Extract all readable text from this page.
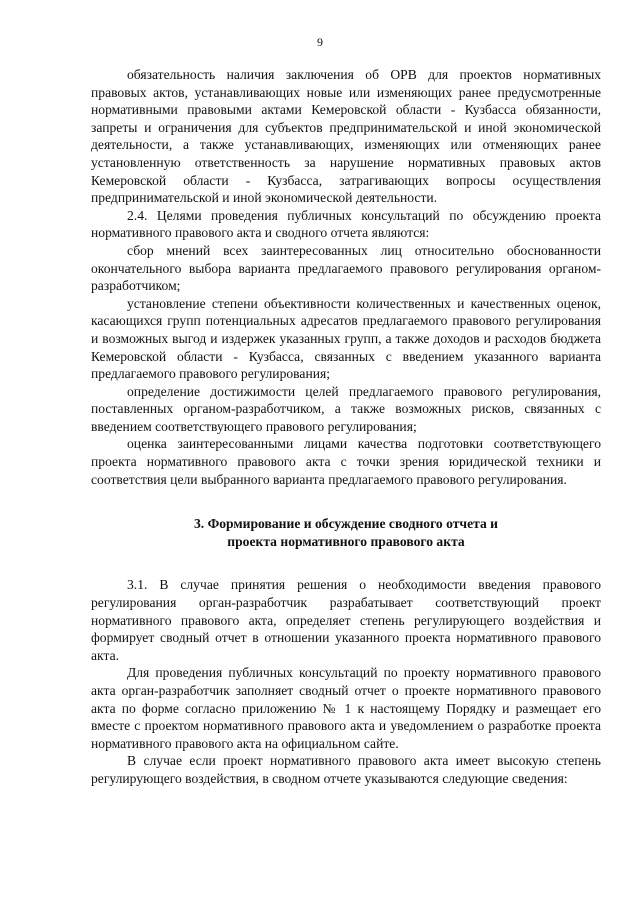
9

обязательность наличия заключения об ОРВ для проектов нормативных правовых актов, устанавливающих новые или изменяющих ранее предусмотренные нормативными правовыми актами Кемеровской области - Кузбасса обязанности, запреты и ограничения для субъектов предпринимательской и иной экономической деятельности, а также устанавливающих, изменяющих или отменяющих ранее установленную ответственность за нарушение нормативных правовых актов Кемеровской области - Кузбасса, затрагивающих вопросы осуществления предпринимательской и иной экономической деятельности.

2.4. Целями проведения публичных консультаций по обсуждению проекта нормативного правового акта и сводного отчета являются:

сбор мнений всех заинтересованных лиц относительно обоснованности окончательного выбора варианта предлагаемого правового регулирования органом-разработчиком;

установление степени объективности количественных и качественных оценок, касающихся групп потенциальных адресатов предлагаемого правового регулирования и возможных выгод и издержек указанных групп, а также доходов и расходов бюджета Кемеровской области - Кузбасса, связанных с введением указанного варианта предлагаемого правового регулирования;

определение достижимости целей предлагаемого правового регулирования, поставленных органом-разработчиком, а также возможных рисков, связанных с введением соответствующего правового регулирования;

оценка заинтересованными лицами качества подготовки соответствующего проекта нормативного правового акта с точки зрения юридической техники и соответствия цели выбранного варианта предлагаемого правового регулирования.

3. Формирование и обсуждение сводного отчета и
проекта нормативного правового акта

3.1. В случае принятия решения о необходимости введения правового регулирования орган-разработчик разрабатывает соответствующий проект нормативного правового акта, определяет степень регулирующего воздействия и формирует сводный отчет в отношении указанного проекта нормативного правового акта.

Для проведения публичных консультаций по проекту нормативного правового акта орган-разработчик заполняет сводный отчет о проекте нормативного правового акта по форме согласно приложению № 1 к настоящему Порядку и размещает его вместе с проектом нормативного правового акта и уведомлением о разработке проекта нормативного правового акта на официальном сайте.

В случае если проект нормативного правового акта имеет высокую степень регулирующего воздействия, в сводном отчете указываются следующие сведения:
